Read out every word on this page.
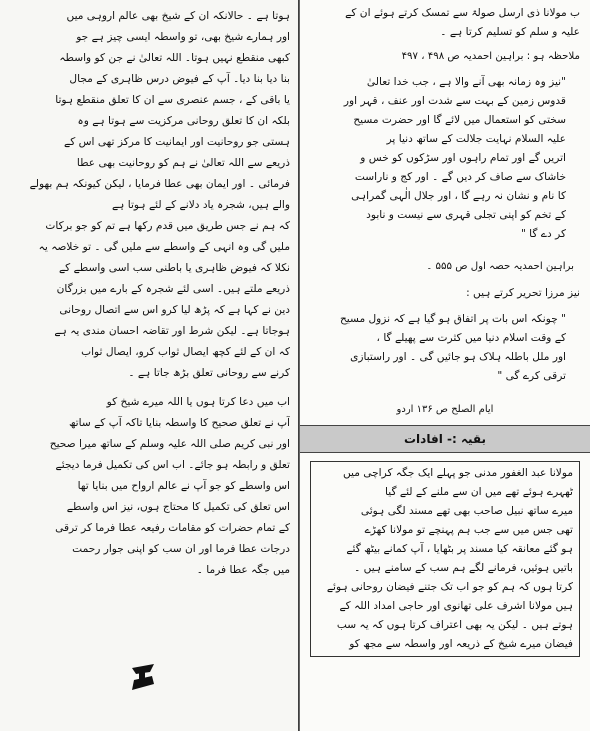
ہوتا ہے ۔ حالانکہ ان کے شیخ بھی عالم اروہی میں
اور ہمارے شیخ بھی، تو واسطہ ایسی چیز ہے جو
کبھی منقطع نہیں ہوتا۔ اللہ تعالیٰ نے جن کو واسطہ
بنا دیا بنا دیا۔ آپ کے فیوض درس ظاہری کے مجال
یا باقی کے ، جسم عنصری سے ان کا تعلق منقطع ہوتا
بلکہ ان کا تعلق روحانی مرکزیت سے ہوتا ہے وہ
ہستی جو روحانیت اور ایمانیت کا مرکز تھی اس کے
ذریعے سے اللہ تعالیٰ نے ہم کو روحانیت بھی عطا
فرمائی ۔ اور ایمان بھی عطا فرمایا ، لیکن کیونکہ ہم بھولے
والے ہیں، شجرہ یاد دلانے کے لئے ہوتا ہے
کہ ہم نے جس طریق میں قدم رکھا ہے تم کو جو برکات
ملیں گی وہ انہی کے واسطے سے ملیں گی ۔ تو خلاصہ یہ
نکلا کہ فیوض ظاہری یا باطنی سب اسی واسطے کے
ذریعے ملتے ہیں۔ اسی لئے شجرہ کے بارے میں بزرگان
دین نے کہا ہے کہ پڑھ لیا کرو اس سے اتصال روحانی
ہوجاتا ہے۔ لیکن شرط اور تقاضہ احسان مندی یہ ہے
کہ ان کے لئے کچھ ایصال ثواب کرو، ایصال ثواب
کرنے سے روحانی تعلق بڑھ جاتا ہے ۔
اب میں دعا کرتا ہوں یا اللہ میرے شیخ کو
آپ نے تعلق صحیح کا واسطہ بنایا تاکہ آپ کے ساتھ
اور نبی کریم صلی اللہ علیہ وسلم کے ساتھ میرا صحیح
تعلق و رابطہ ہو جائے۔ اب اس کی تکمیل فرما دیجئے
اس واسطے کو جو آپ نے عالم ارواح میں بنایا تھا
اس تعلق کی تکمیل کا محتاج ہوں، نیز اس واسطے
کے تمام حضرات کو مقامات رفیعہ عطا فرما کر ترقی
درجات عطا فرما اور ان سب کو اپنی جوار رحمت
میں جگہ عطا فرما ۔
ب مولانا ذی ارسل صولۃ سے تمسک کرتے ہوئے ان کے
علیہ و سلم کو تسلیم کرتا ہے ۔
ملاحظہ ہو : براہین احمدیہ ص ۴۹۸ ، ۴۹۷
"نیز وہ زمانہ بھی آنے والا ہے ، جب خدا تعالیٰ
قدوس زمین کے بہت سے شدت اور عنف ، قہر اور
سختی کو استعمال میں لائے گا اور حضرت مسیح
علیہ السلام نہایت جلالت کے ساتھ دنیا پر
اتریں گے اور تمام راہوں اور سڑکوں کو خس و
خاشاک سے صاف کر دیں گے ۔ اور کج و ناراست
کا نام و نشان نہ رہے گا ، اور جلال الٰہی گمراہی
کے تخم کو اپنی تجلی قہری سے نیست و نابود
کر دے گا "
براہین احمدیہ حصہ اول ص ۵۵۵ ۔
نیز مرزا تحریر کرتے ہیں :
" چونکہ اس بات پر اتفاق ہو گیا ہے کہ نزول مسیح
کے وقت اسلام دنیا میں کثرت سے پھیلے گا ،
اور ملل باطلہ ہلاک ہو جائیں گی ۔ اور راستبازی
ترقی کرے گی "
ایام الصلح ص ۱۳۶ اردو
بقیہ :- افادات
مولانا عبد الغفور مدنی جو پہلے ایک جگہ کراچی میں
ٹھہرے ہوئے تھے میں ان سے ملنے کے لئے گیا
میرے ساتھ نبیل صاحب بھی تھے مسند لگی ہوئی
تھی جس میں سے جب ہم پہنچے تو مولانا کھڑے
ہو گئے معانقہ کیا مسند پر بٹھایا ، آپ کمانے بیٹھ گئے
باتیں ہوئیں، فرمانے لگے ہم سب کے سامنے ہیں ۔
کرتا ہوں کہ ہم کو جو اب تک جتنے فیضان روحانی ہوئے
ہیں مولانا اشرف علی تھانوی اور حاجی امداد اللہ کے
ہوتے ہیں ۔ لیکن یہ بھی اعتراف کرتا ہوں کہ یہ سب
فیضان میرے شیخ کے ذریعہ اور واسطہ سے مجھ کو
